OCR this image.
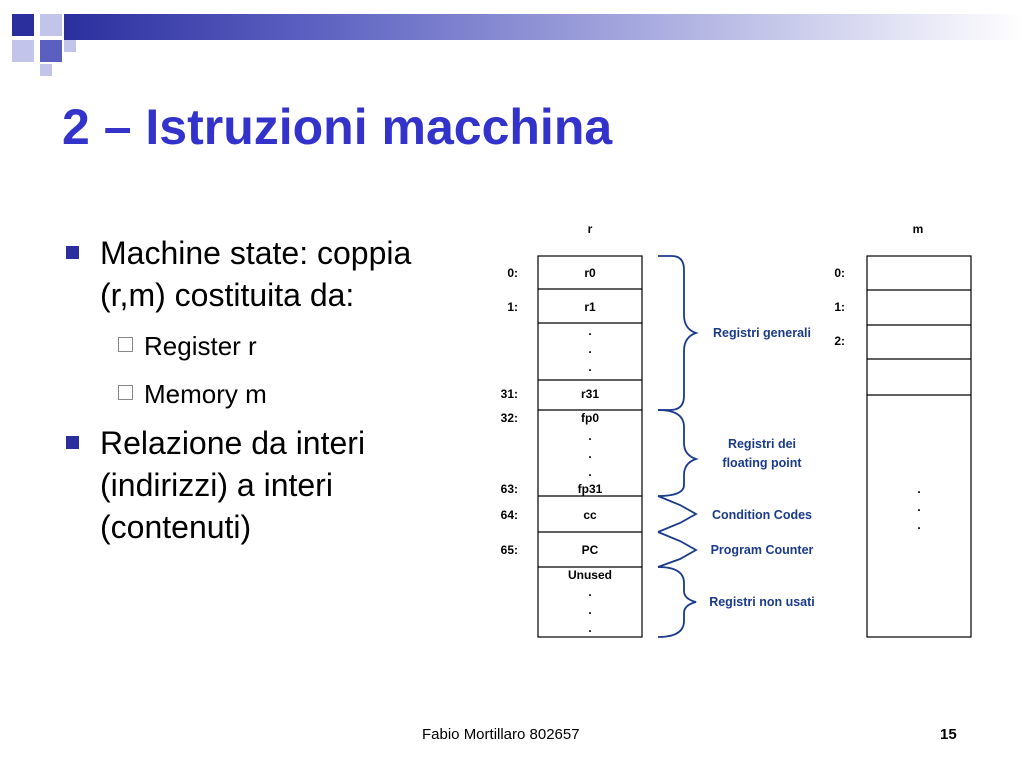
2 – Istruzioni macchina
Machine state: coppia
(r,m) costituita da:
Register r
Memory m
Relazione da interi
(indirizzi) a interi
(contenuti)
r	m
r0
r1
r31
fp0
fp31
cc
PC
Unused
.
.
.
.
.
.
.
.
.
0:
1:
31:
32:
63:
64:
65:
Registri generali
Registri dei
floating point
Condition Codes
Program Counter
Registri non usati
0:
1:
2:
.
.
.
Fabio Mortillaro 802657	15
